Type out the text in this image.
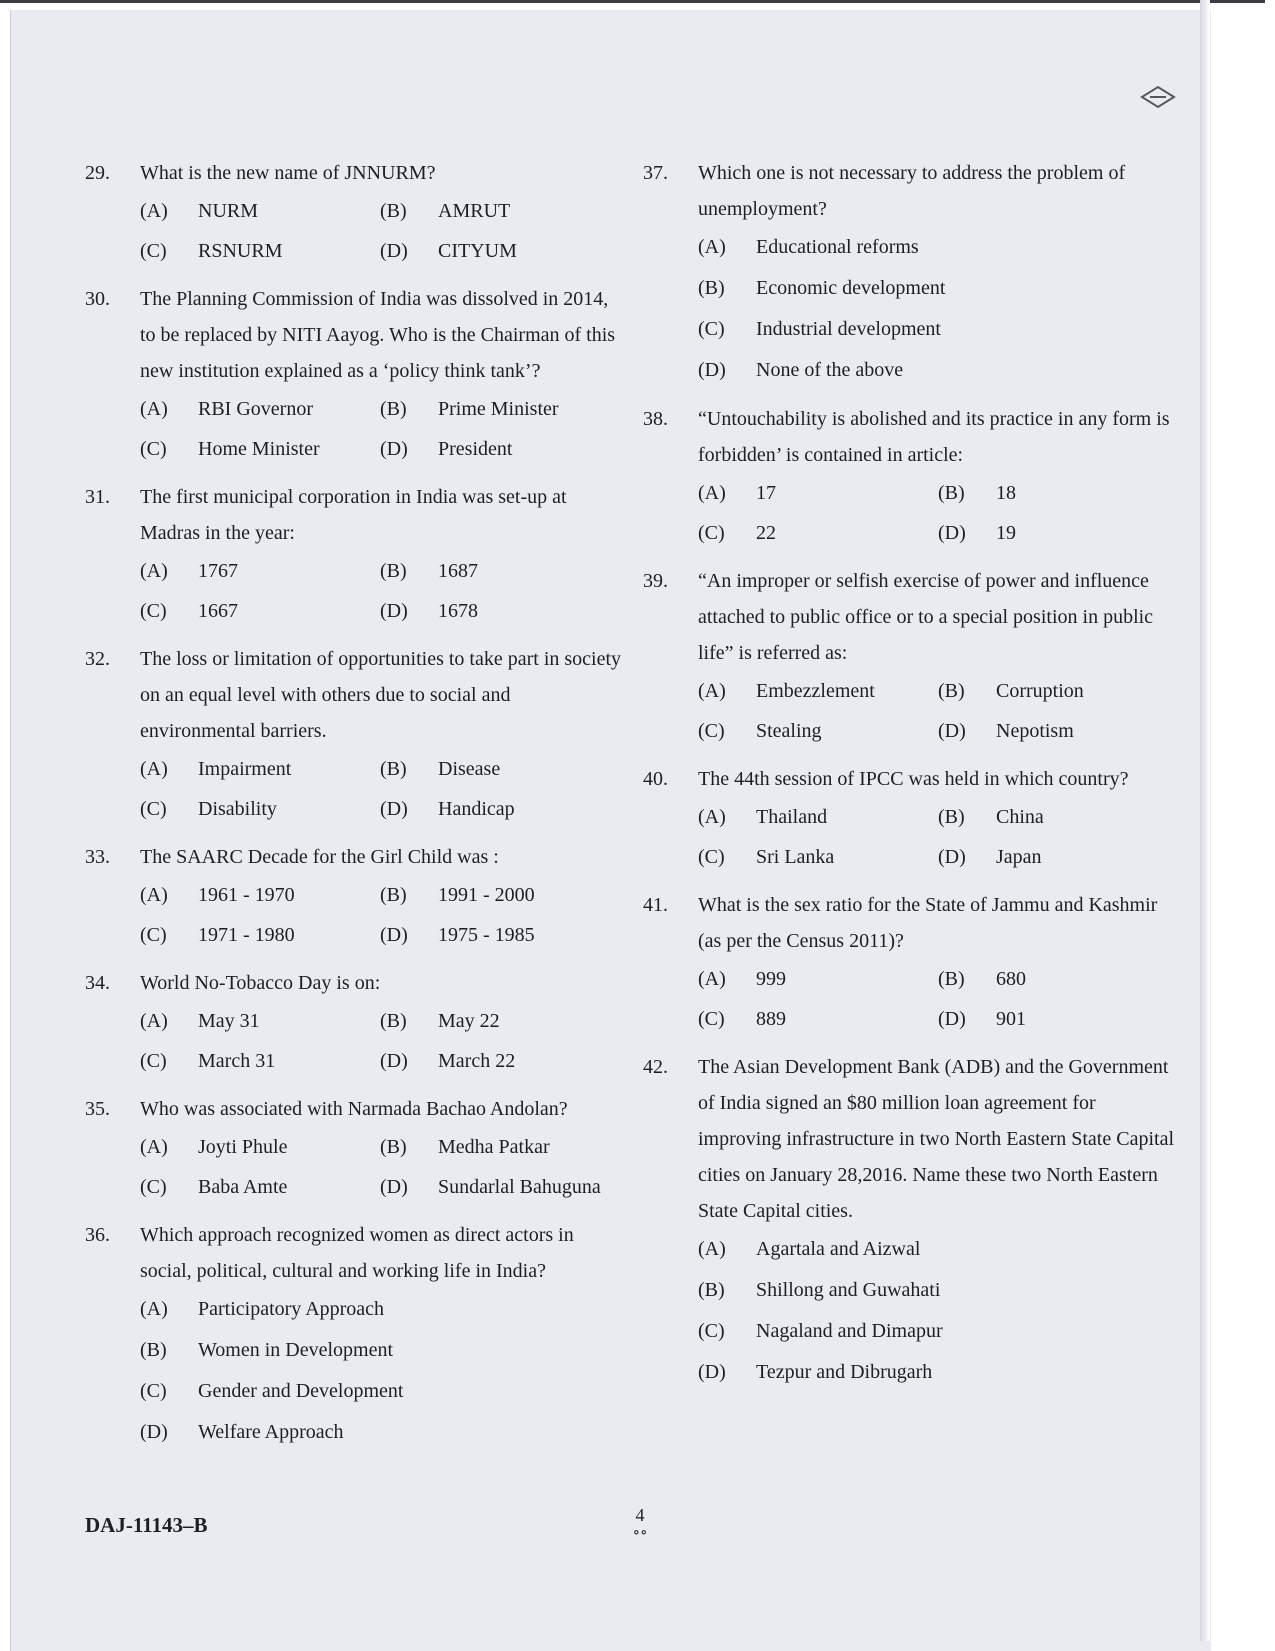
29.	What is the new name of JNNURM?
(A)	NURM	(B)	AMRUT
(C)	RSNURM	(D)	CITYUM
30.	The Planning Commission of India was dissolved in 2014, to be replaced by NITI Aayog. Who is the Chairman of this new institution explained as a ‘policy think tank’?
(A)	RBI Governor	(B)	Prime Minister
(C)	Home Minister	(D)	President
31.	The first municipal corporation in India was set-up at Madras in the year:
(A)	1767	(B)	1687
(C)	1667	(D)	1678
32.	The loss or limitation of opportunities to take part in society on an equal level with others due to social and environmental barriers.
(A)	Impairment	(B)	Disease
(C)	Disability	(D)	Handicap
33.	The SAARC Decade for the Girl Child was :
(A)	1961 - 1970	(B)	1991 - 2000
(C)	1971 - 1980	(D)	1975 - 1985
34.	World No-Tobacco Day is on:
(A)	May 31	(B)	May 22
(C)	March 31	(D)	March 22
35.	Who was associated with Narmada Bachao Andolan?
(A)	Joyti Phule	(B)	Medha Patkar
(C)	Baba Amte	(D)	Sundarlal Bahuguna
36.	Which approach recognized women as direct actors in social, political, cultural and working life in India?
(A)	Participatory Approach
(B)	Women in Development
(C)	Gender and Development
(D)	Welfare Approach
37.	Which one is not necessary to address the problem of unemployment?
(A)	Educational reforms
(B)	Economic development
(C)	Industrial development
(D)	None of the above
38.	“Untouchability is abolished and its practice in any form is forbidden’ is contained in article:
(A)	17	(B)	18
(C)	22	(D)	19
39.	“An improper or selfish exercise of power and influence attached to public office or to a special position in public life” is referred as:
(A)	Embezzlement	(B)	Corruption
(C)	Stealing	(D)	Nepotism
40.	The 44th session of IPCC was held in which country?
(A)	Thailand	(B)	China
(C)	Sri Lanka	(D)	Japan
41.	What is the sex ratio for the State of Jammu and Kashmir (as per the Census 2011)?
(A)	999	(B)	680
(C)	889	(D)	901
42.	The Asian Development Bank (ADB) and the Government of India signed an $80 million loan agreement for improving infrastructure in two North Eastern State Capital cities on January 28,2016. Name these two North Eastern State Capital cities.
(A)	Agartala and Aizwal
(B)	Shillong and Guwahati
(C)	Nagaland and Dimapur
(D)	Tezpur and Dibrugarh
DAJ-11143–B	4
∘∘
